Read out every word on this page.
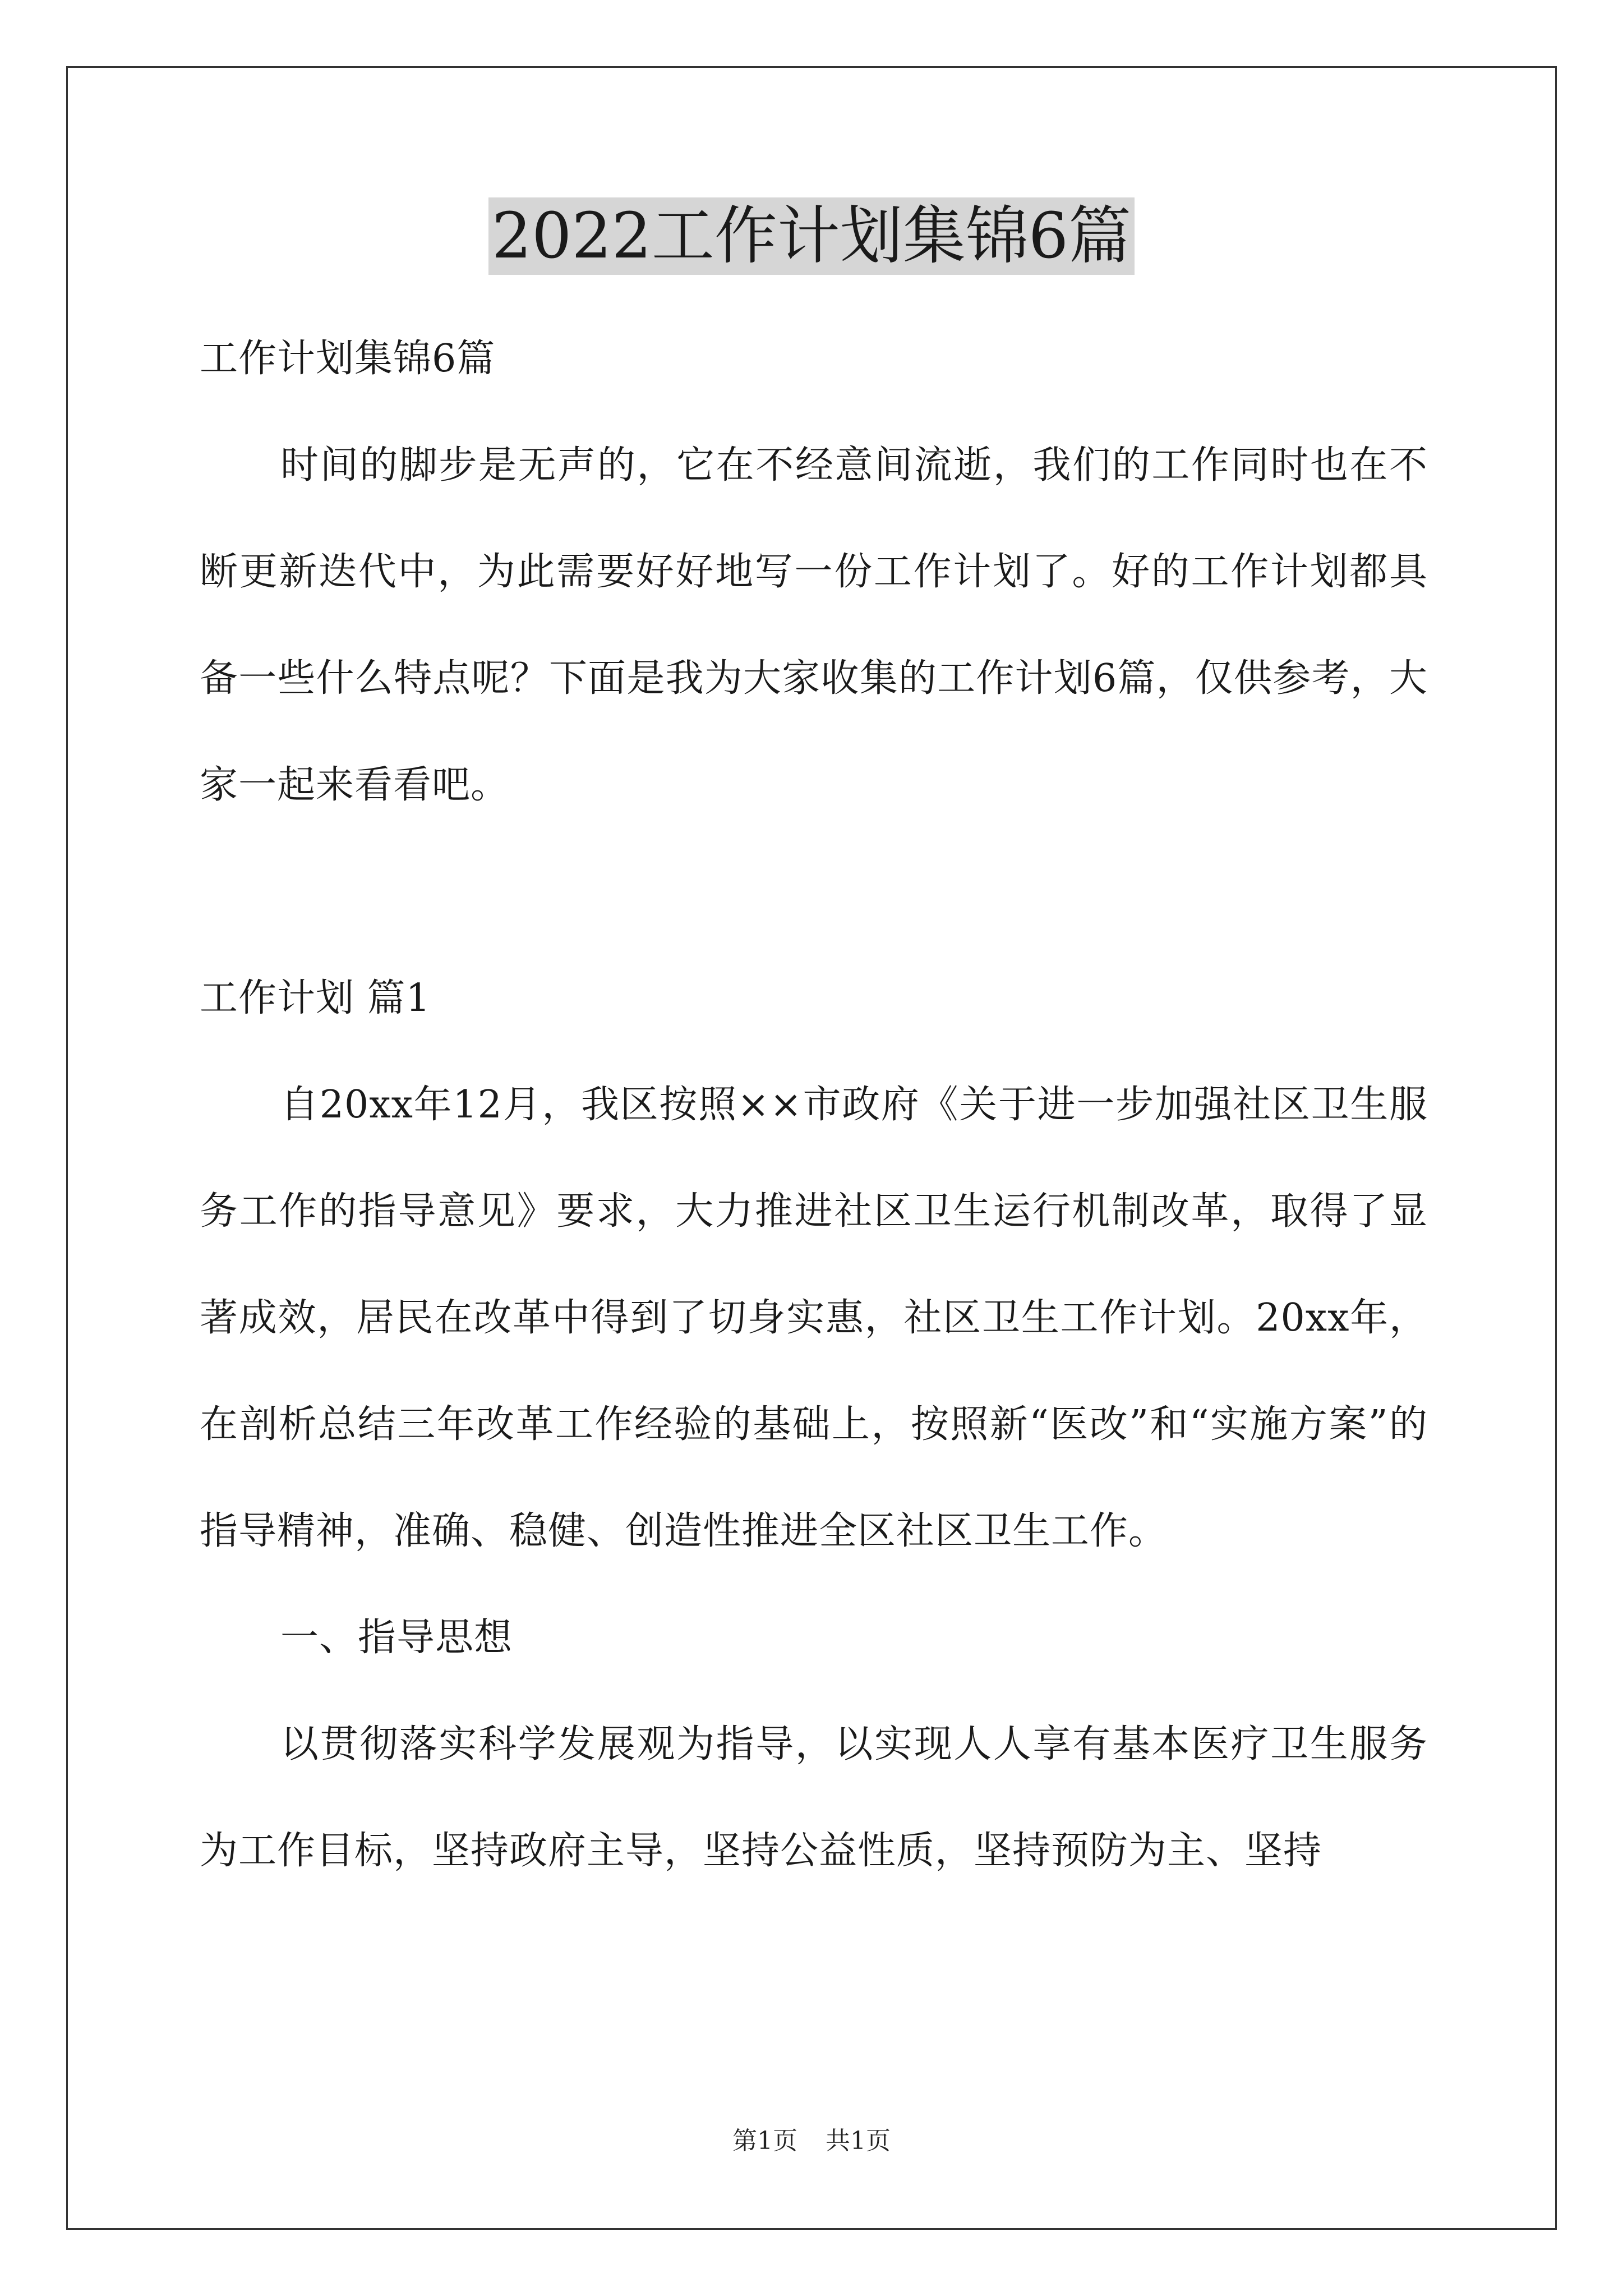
2022工作计划集锦6篇

工作计划集锦6篇

时间的脚步是无声的，它在不经意间流逝，我们的工作同时也在不断更新迭代中，为此需要好好地写一份工作计划了。好的工作计划都具备一些什么特点呢？下面是我为大家收集的工作计划6篇，仅供参考，大家一起来看看吧。

工作计划 篇1

自20xx年12月，我区按照××市政府《关于进一步加强社区卫生服务工作的指导意见》要求，大力推进社区卫生运行机制改革，取得了显著成效，居民在改革中得到了切身实惠，社区卫生工作计划。20xx年，在剖析总结三年改革工作经验的基础上，按照新“医改”和“实施方案”的指导精神，准确、稳健、创造性推进全区社区卫生工作。

一、指导思想

以贯彻落实科学发展观为指导，以实现人人享有基本医疗卫生服务为工作目标，坚持政府主导，坚持公益性质，坚持预防为主、坚持

第1页 共1页
